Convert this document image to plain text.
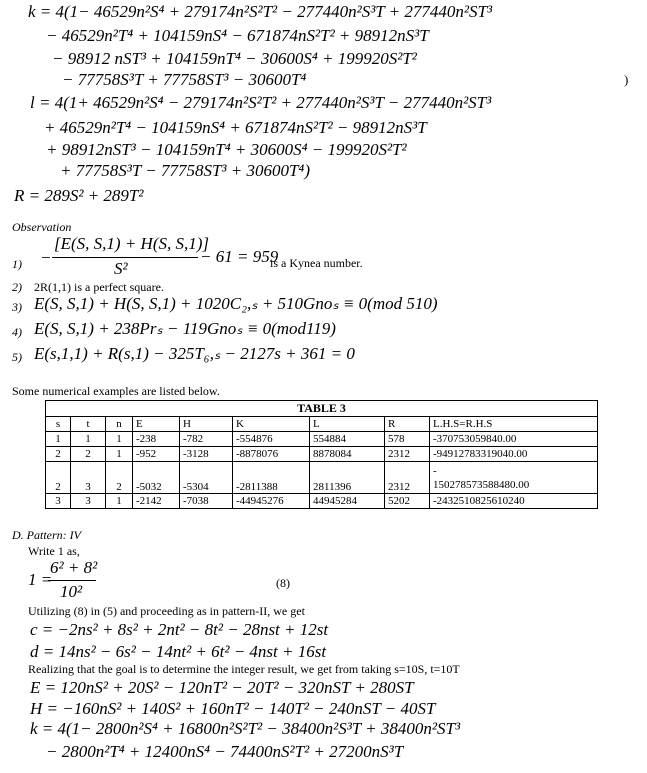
k = 4(1− 46529n²S⁴ + 279174n²S²T² − 277440n²S³T + 277440n²ST³
− 46529n²T⁴ + 104159nS⁴ − 671874nS²T² + 98912nS³T
− 98912 nST³ + 104159nT⁴ − 30600S⁴ + 199920S²T²
− 77758S³T + 77758ST³ − 30600T⁴	)
l = 4(1+ 46529n²S⁴ − 279174n²S²T² + 277440n²S³T − 277440n²ST³
+ 46529n²T⁴ − 104159nS⁴ + 671874nS²T² − 98912nS³T
+ 98912nST³ − 104159nT⁴ + 30600S⁴ − 199920S²T²
+ 77758S³T − 77758ST³ + 30600T⁴)
R = 289S² + 289T²
Observation
1) −
[E(S, S,1) + H(S, S,1)]
S²
− 61 = 959
is a Kynea number.
2) 2R(1,1) is a perfect square.
3) E(S, S,1) + H(S, S,1) + 1020C₂,ₛ + 510Gnoₛ ≡ 0(mod 510)
4) E(S, S,1) + 238Prₛ − 119Gnoₛ ≡ 0(mod119)
5) E(s,1,1) + R(s,1) − 325T₆,ₛ − 2127s + 361 = 0
Some numerical examples are listed below.
TABLE 3								
s	t	n	E	H	K	L	R	L.H.S=R.H.S
1	1	1	-238	-782	-554876	554884	578	-370753059840.00
2	2	1	-952	-3128	-8878076	8878084	2312	-94912783319040.00
2	3	2	-5032	-5304	-2811388	2811396	2312	-
150278573588480.00
3	3	1	-2142	-7038	-44945276	44945284	5202	-2432510825610240
D. Pattern: IV
Write 1 as,
1 =
6² + 8²
10²	(8)
Utilizing (8) in (5) and proceeding as in pattern-II, we get
c = −2ns² + 8s² + 2nt² − 8t² − 28nst + 12st
d = 14ns² − 6s² − 14nt² + 6t² − 4nst + 16st
Realizing that the goal is to determine the integer result, we get from taking s=10S, t=10T
E = 120nS² + 20S² − 120nT² − 20T² − 320nST + 280ST
H = −160nS² + 140S² + 160nT² − 140T² − 240nST − 40ST
k = 4(1− 2800n²S⁴ + 16800n²S²T² − 38400n²S³T + 38400n²ST³
− 2800n²T⁴ + 12400nS⁴ − 74400nS²T² + 27200nS³T
